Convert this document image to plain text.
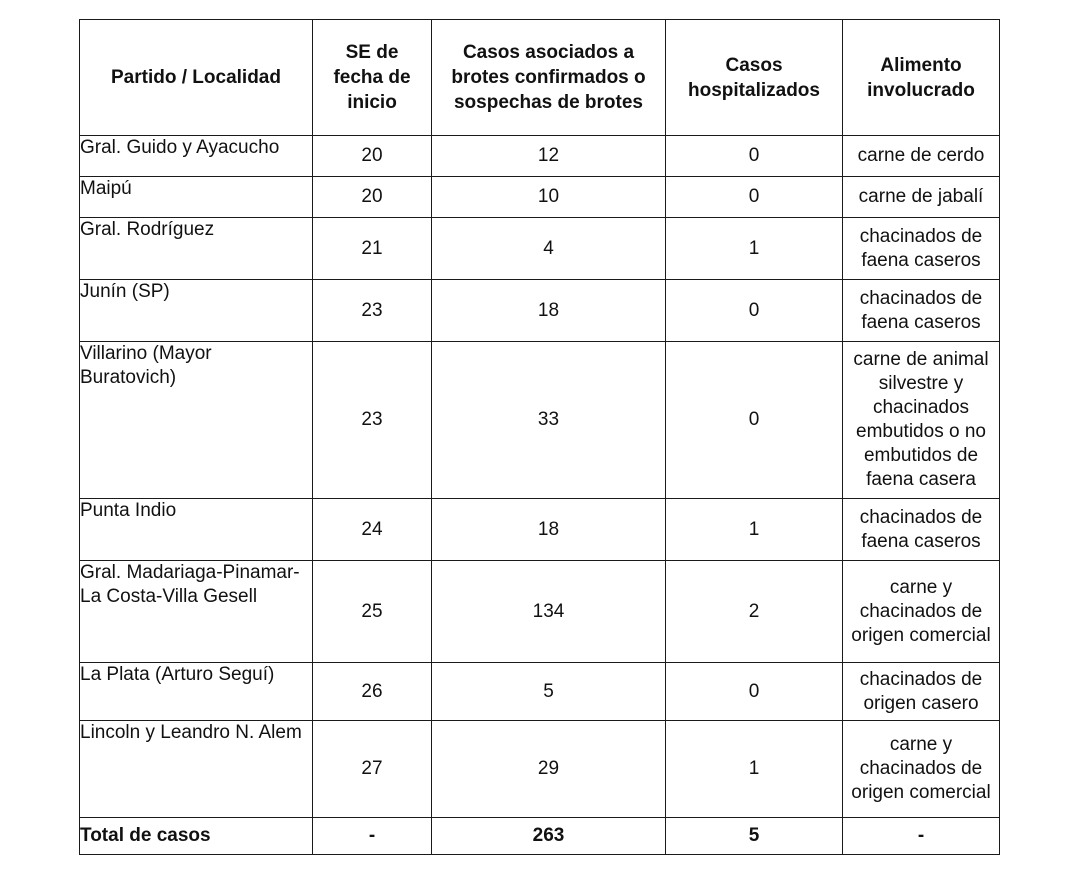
Partido / Localidad	SE de fecha de inicio	Casos asociados a brotes confirmados o sospechas de brotes	Casos hospitalizados	Alimento involucrado
Gral. Guido y Ayacucho	20	12	0	carne de cerdo
Maipú	20	10	0	carne de jabalí
Gral. Rodríguez	21	4	1	chacinados de faena caseros
Junín (SP)	23	18	0	chacinados de faena caseros
Villarino (Mayor Buratovich)	23	33	0	carne de animal silvestre y chacinados embutidos o no embutidos de faena casera
Punta Indio	24	18	1	chacinados de faena caseros
Gral. Madariaga-Pinamar-La Costa-Villa Gesell	25	134	2	carne y chacinados de origen comercial
La Plata (Arturo Seguí)	26	5	0	chacinados de origen casero
Lincoln y Leandro N. Alem	27	29	1	carne y chacinados de origen comercial
Total de casos	-	263	5	-
